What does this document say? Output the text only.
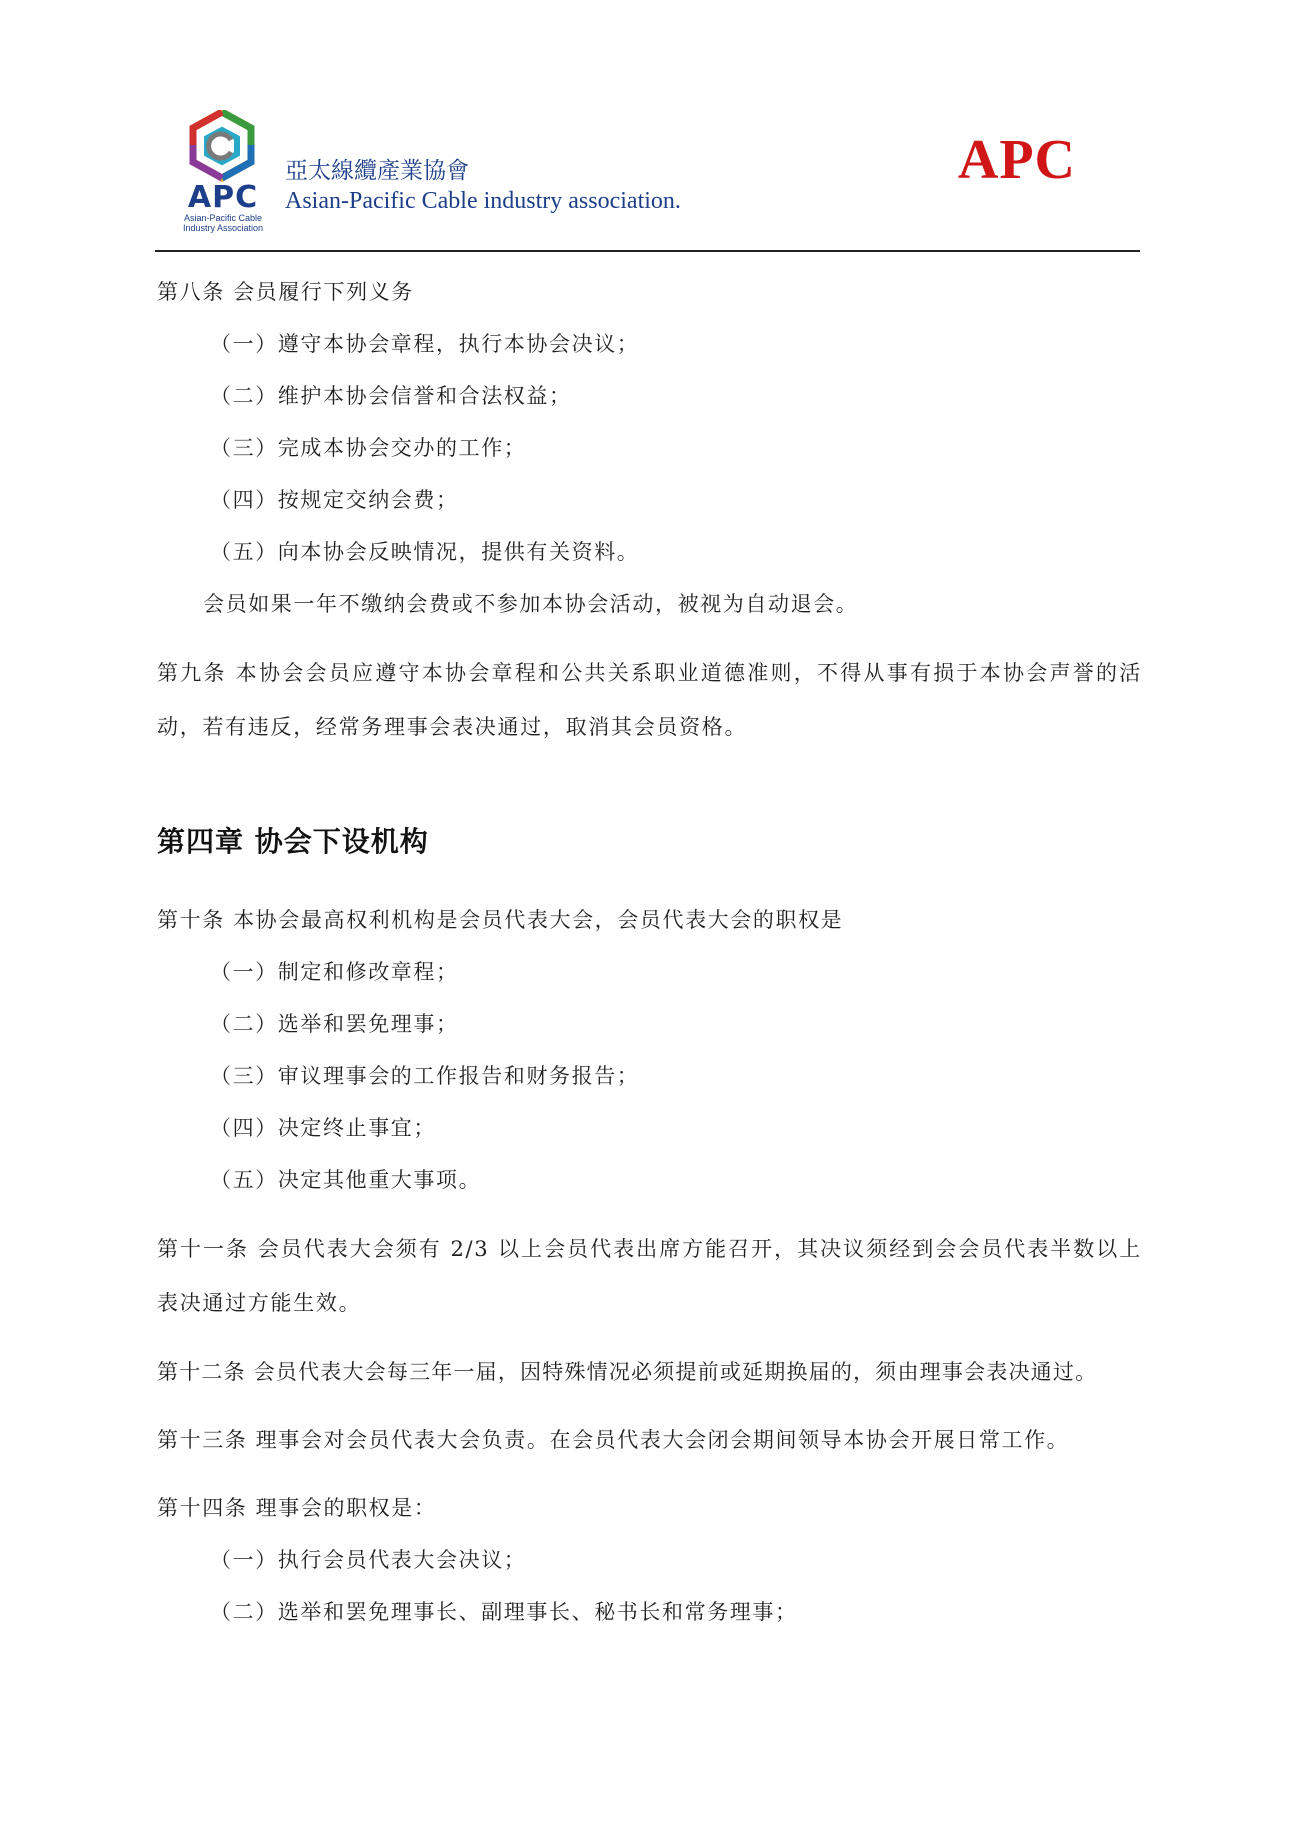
APC
Asian-Pacific Cable
Industry Association
亞太線纜產業協會
Asian-Pacific Cable industry association.
APC

第八条 会员履行下列义务

（一）遵守本协会章程，执行本协会决议；

（二）维护本协会信誉和合法权益；

（三）完成本协会交办的工作；

（四）按规定交纳会费；

（五）向本协会反映情况，提供有关资料。

会员如果一年不缴纳会费或不参加本协会活动，被视为自动退会。

第九条 本协会会员应遵守本协会章程和公共关系职业道德准则，不得从事有损于本协会声誉的活动，若有违反，经常务理事会表决通过，取消其会员资格。

第四章 协会下设机构

第十条 本协会最高权利机构是会员代表大会，会员代表大会的职权是

（一）制定和修改章程；

（二）选举和罢免理事；

（三）审议理事会的工作报告和财务报告；

（四）决定终止事宜；

（五）决定其他重大事项。

第十一条 会员代表大会须有 2/3 以上会员代表出席方能召开，其决议须经到会会员代表半数以上表决通过方能生效。

第十二条 会员代表大会每三年一届，因特殊情况必须提前或延期换届的，须由理事会表决通过。

第十三条 理事会对会员代表大会负责。在会员代表大会闭会期间领导本协会开展日常工作。

第十四条 理事会的职权是：

（一）执行会员代表大会决议；

（二）选举和罢免理事长、副理事长、秘书长和常务理事；
